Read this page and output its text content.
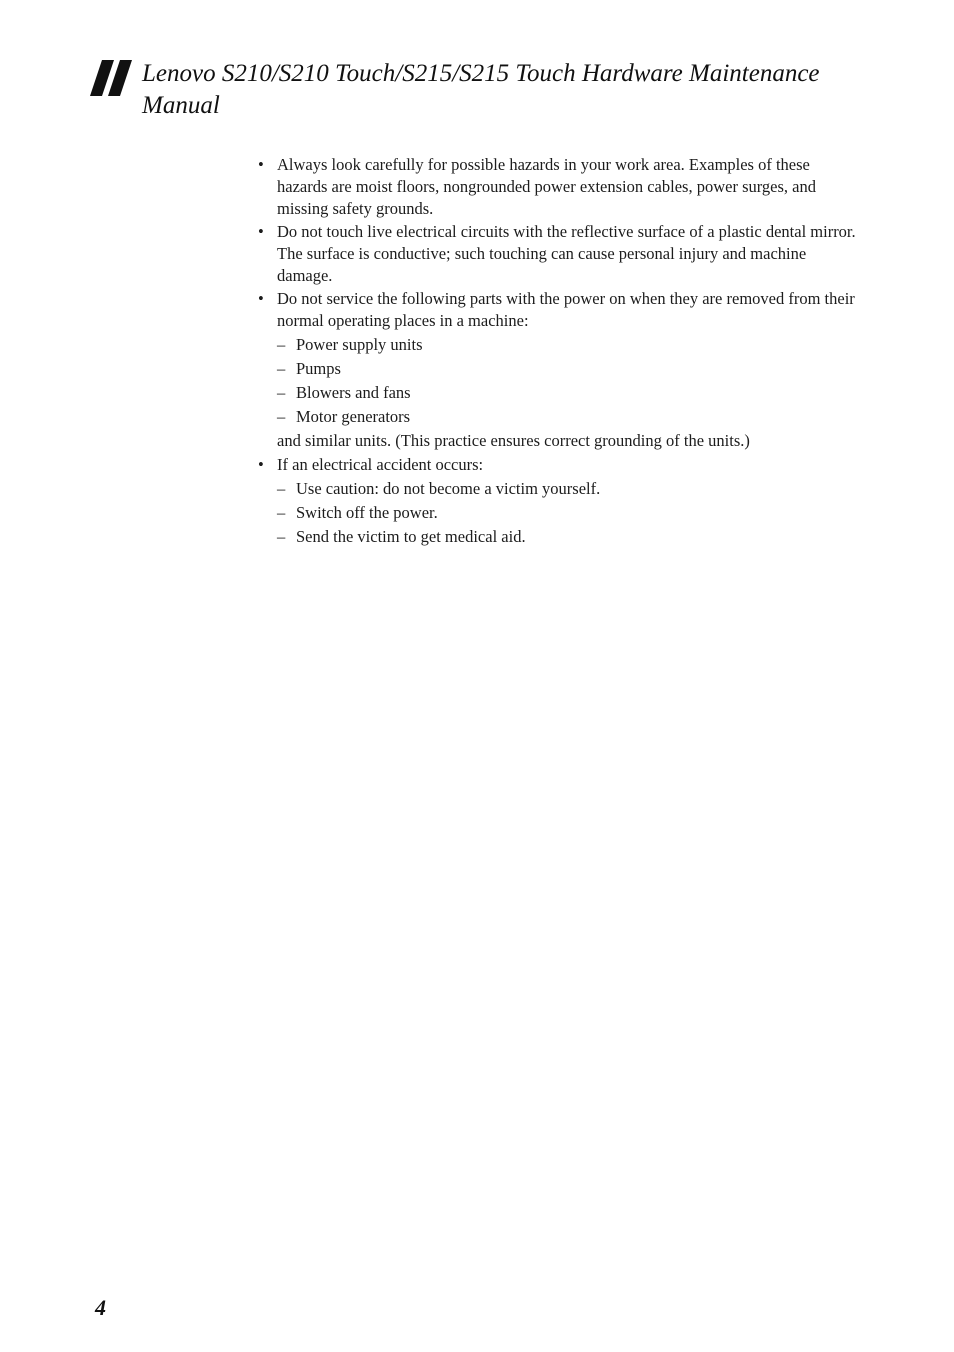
Lenovo S210/S210 Touch/S215/S215 Touch Hardware Maintenance Manual
• Always look carefully for possible hazards in your work area. Examples of these hazards are moist floors, nongrounded power extension cables, power surges, and missing safety grounds.
• Do not touch live electrical circuits with the reflective surface of a plastic dental mirror. The surface is conductive; such touching can cause personal injury and machine damage.
• Do not service the following parts with the power on when they are removed from their normal operating places in a machine:
– Power supply units
– Pumps
– Blowers and fans
– Motor generators
and similar units. (This practice ensures correct grounding of the units.)
• If an electrical accident occurs:
– Use caution: do not become a victim yourself.
– Switch off the power.
– Send the victim to get medical aid.
4
